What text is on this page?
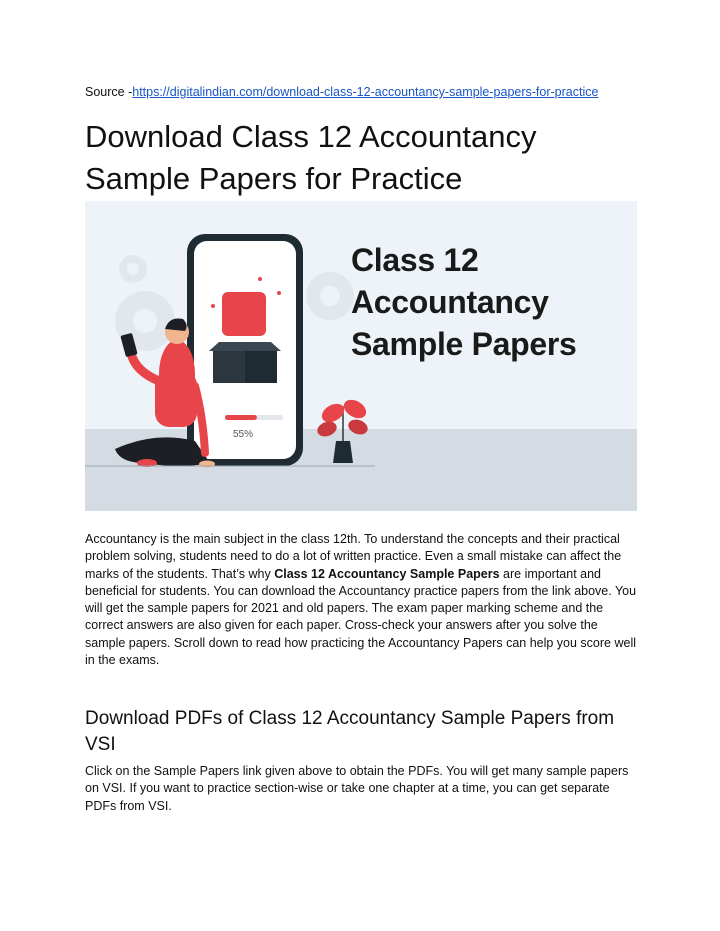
Source -https://digitalindian.com/download-class-12-accountancy-sample-papers-for-practice
Download Class 12 Accountancy Sample Papers for Practice
Class 12
Accountancy
Sample Papers
55%

Accountancy is the main subject in the class 12th. To understand the concepts and their practical problem solving, students need to do a lot of written practice. Even a small mistake can affect the marks of the students. That’s why Class 12 Accountancy Sample Papers are important and beneficial for students. You can download the Accountancy practice papers from the link above. You will get the sample papers for 2021 and old papers. The exam paper marking scheme and the correct answers are also given for each paper. Cross-check your answers after you solve the sample papers. Scroll down to read how practicing the Accountancy Papers can help you score well in the exams.

Download PDFs of Class 12 Accountancy Sample Papers from VSI

Click on the Sample Papers link given above to obtain the PDFs. You will get many sample papers on VSI. If you want to practice section-wise or take one chapter at a time, you can get separate PDFs from VSI.
